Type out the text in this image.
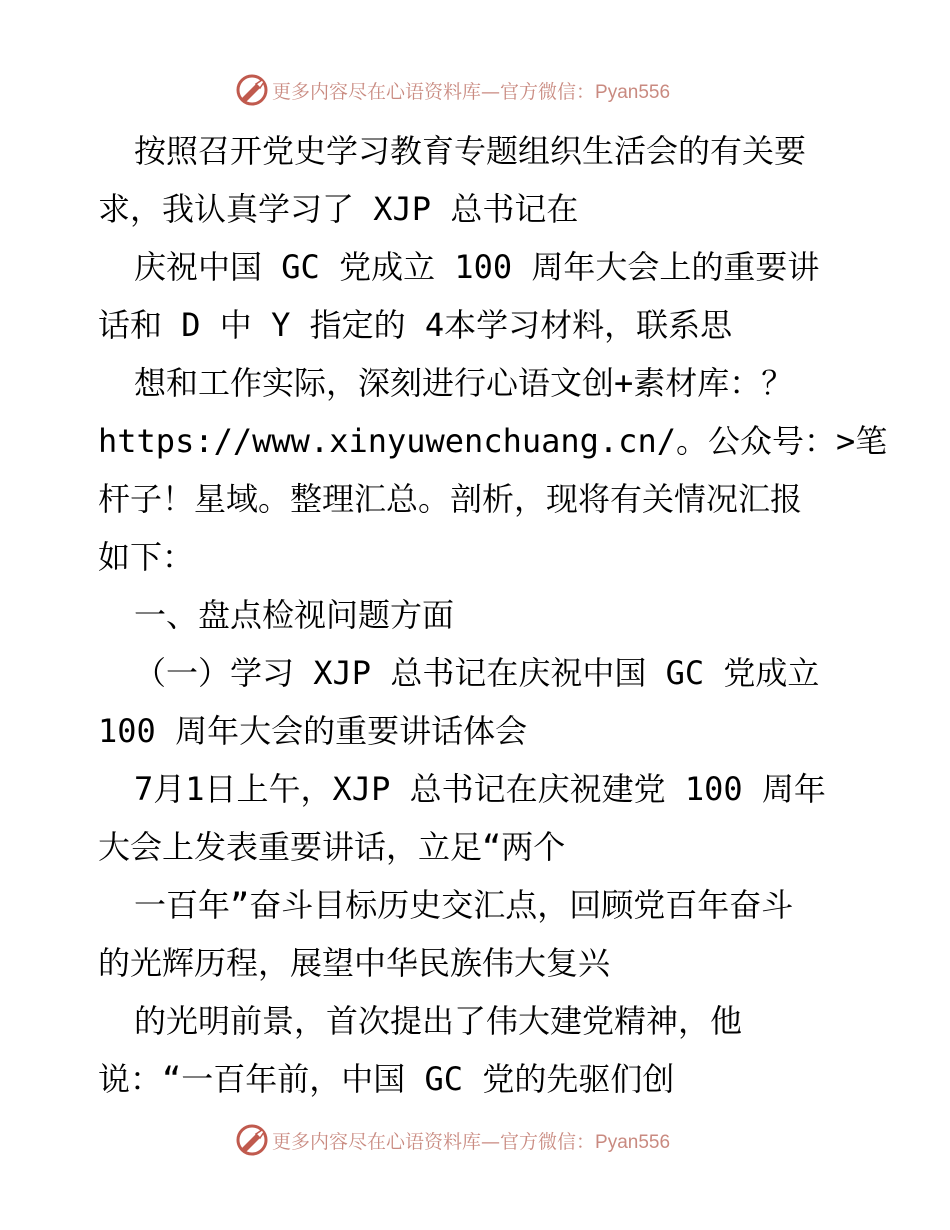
更多内容尽在心语资料库—官方微信：Pyan556
按照召开党史学习教育专题组织生活会的有关要
求，我认真学习了 XJP 总书记在
庆祝中国 GC 党成立 100 周年大会上的重要讲
话和 D 中 Y 指定的 4本学习材料，联系思
想和工作实际，深刻进行心语文创+素材库：？
https://www.xinyuwenchuang.cn/。公众号：>笔
杆子！星域。整理汇总。剖析，现将有关情况汇报
如下：
一、盘点检视问题方面
（一）学习 XJP 总书记在庆祝中国 GC 党成立
100 周年大会的重要讲话体会
7月1日上午，XJP 总书记在庆祝建党 100 周年
大会上发表重要讲话，立足“两个
一百年”奋斗目标历史交汇点，回顾党百年奋斗
的光辉历程，展望中华民族伟大复兴
的光明前景，首次提出了伟大建党精神，他
说：“一百年前，中国 GC 党的先驱们创
更多内容尽在心语资料库—官方微信：Pyan556
